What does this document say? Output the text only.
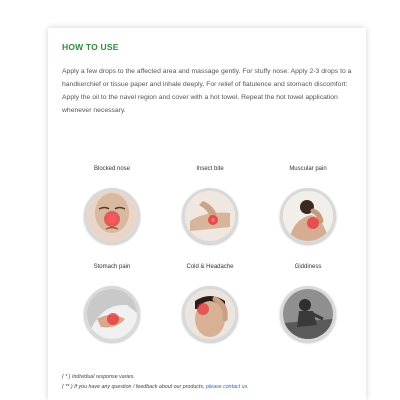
HOW TO USE

Apply a few drops to the affected area and massage gently. For stuffy nose: Apply 2-3 drops to a handkerchief or tissue paper and inhale deeply. For relief of flatulence and stomach discomfort: Apply the oil to the navel region and cover with a hot towel. Repeat the hot towel application whenever necessary.

Blocked nose	Insect bite	Muscular pain
Stomach pain	Cold & Headache	Giddiness
( * ) Individual response varies.
( ** ) If you have any question / feedback about our products, please contact us.
